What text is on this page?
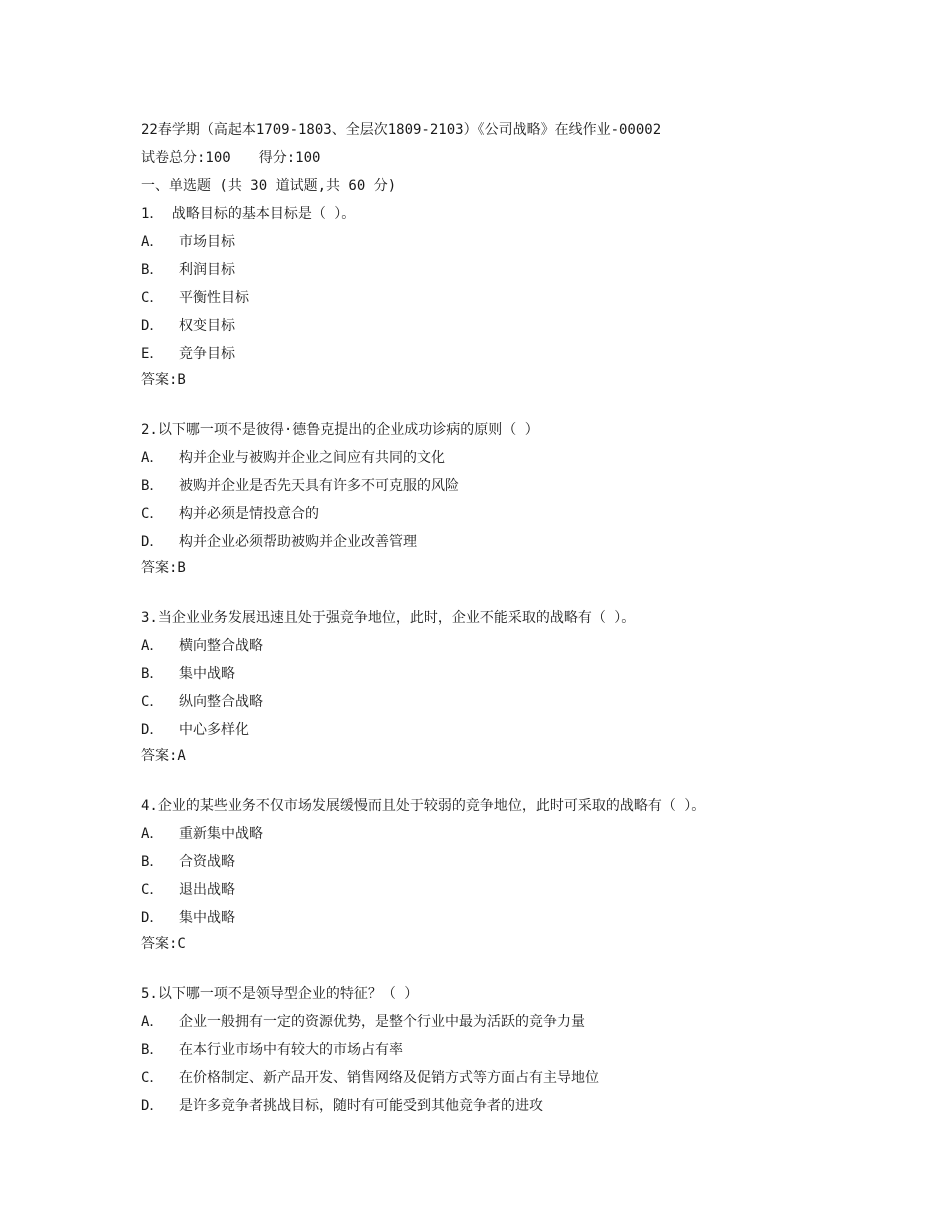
22春学期（高起本1709-1803、全层次1809-2103）《公司战略》在线作业-00002
试卷总分:100 得分:100
一、单选题 (共 30 道试题,共 60 分)
1． 战略目标的基本目标是（ ）。
A．	市场目标
B．	利润目标
C．	平衡性目标
D．	权变目标
E．	竞争目标
答案:B
2.以下哪一项不是彼得·德鲁克提出的企业成功诊病的原则（ ）
A．	构并企业与被购并企业之间应有共同的文化
B．	被购并企业是否先天具有许多不可克服的风险
C．	构并必须是情投意合的
D．	构并企业必须帮助被购并企业改善管理
答案:B
3.当企业业务发展迅速且处于强竞争地位，此时，企业不能采取的战略有（ ）。
A．	横向整合战略
B．	集中战略
C．	纵向整合战略
D．	中心多样化
答案:A
4.企业的某些业务不仅市场发展缓慢而且处于较弱的竞争地位，此时可采取的战略有（ ）。
A．	重新集中战略
B．	合资战略
C．	退出战略
D．	集中战略
答案:C
5.以下哪一项不是领导型企业的特征？（ ）
A．	企业一般拥有一定的资源优势，是整个行业中最为活跃的竞争力量
B．	在本行业市场中有较大的市场占有率
C．	在价格制定、新产品开发、销售网络及促销方式等方面占有主导地位
D．	是许多竞争者挑战目标，随时有可能受到其他竞争者的进攻
